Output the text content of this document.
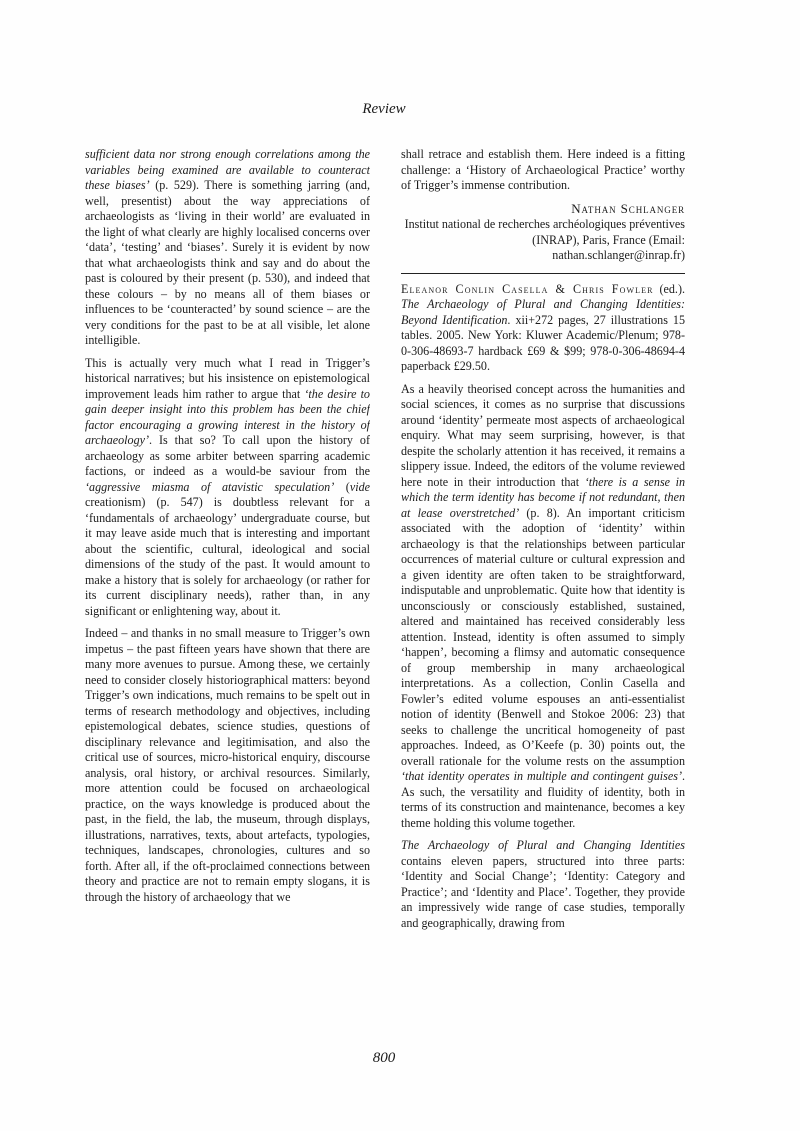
Review

sufficient data nor strong enough correlations among the variables being examined are available to counteract these biases’ (p. 529). There is something jarring (and, well, presentist) about the way appreciations of archaeologists as ‘living in their world’ are evaluated in the light of what clearly are highly localised concerns over ‘data’, ‘testing’ and ‘biases’. Surely it is evident by now that what archaeologists think and say and do about the past is coloured by their present (p. 530), and indeed that these colours – by no means all of them biases or influences to be ‘counteracted’ by sound science – are the very conditions for the past to be at all visible, let alone intelligible.

This is actually very much what I read in Trigger’s historical narratives; but his insistence on epistemological improvement leads him rather to argue that ‘the desire to gain deeper insight into this problem has been the chief factor encouraging a growing interest in the history of archaeology’. Is that so? To call upon the history of archaeology as some arbiter between sparring academic factions, or indeed as a would-be saviour from the ‘aggressive miasma of atavistic speculation’ (vide creationism) (p. 547) is doubtless relevant for a ‘fundamentals of archaeology’ undergraduate course, but it may leave aside much that is interesting and important about the scientific, cultural, ideological and social dimensions of the study of the past. It would amount to make a history that is solely for archaeology (or rather for its current disciplinary needs), rather than, in any significant or enlightening way, about it.

Indeed – and thanks in no small measure to Trigger’s own impetus – the past fifteen years have shown that there are many more avenues to pursue. Among these, we certainly need to consider closely historiographical matters: beyond Trigger’s own indications, much remains to be spelt out in terms of research methodology and objectives, including epistemological debates, science studies, questions of disciplinary relevance and legitimisation, and also the critical use of sources, micro-historical enquiry, discourse analysis, oral history, or archival resources. Similarly, more attention could be focused on archaeological practice, on the ways knowledge is produced about the past, in the field, the lab, the museum, through displays, illustrations, narratives, texts, about artefacts, typologies, techniques, landscapes, chronologies, cultures and so forth. After all, if the oft-proclaimed connections between theory and practice are not to remain empty slogans, it is through the history of archaeology that we

shall retrace and establish them. Here indeed is a fitting challenge: a ‘History of Archaeological Practice’ worthy of Trigger’s immense contribution.

Nathan Schlanger
Institut national de recherches archéologiques préventives (INRAP), Paris, France (Email: nathan.schlanger@inrap.fr)

Eleanor Conlin Casella & Chris Fowler (ed.). The Archaeology of Plural and Changing Identities: Beyond Identification. xii+272 pages, 27 illustrations 15 tables. 2005. New York: Kluwer Academic/Plenum; 978-0-306-48693-7 hardback £69 & $99; 978-0-306-48694-4 paperback £29.50.

As a heavily theorised concept across the humanities and social sciences, it comes as no surprise that discussions around ‘identity’ permeate most aspects of archaeological enquiry. What may seem surprising, however, is that despite the scholarly attention it has received, it remains a slippery issue. Indeed, the editors of the volume reviewed here note in their introduction that ‘there is a sense in which the term identity has become if not redundant, then at lease overstretched’ (p. 8). An important criticism associated with the adoption of ‘identity’ within archaeology is that the relationships between particular occurrences of material culture or cultural expression and a given identity are often taken to be straightforward, indisputable and unproblematic. Quite how that identity is unconsciously or consciously established, sustained, altered and maintained has received considerably less attention. Instead, identity is often assumed to simply ‘happen’, becoming a flimsy and automatic consequence of group membership in many archaeological interpretations. As a collection, Conlin Casella and Fowler’s edited volume espouses an anti-essentialist notion of identity (Benwell and Stokoe 2006: 23) that seeks to challenge the uncritical homogeneity of past approaches. Indeed, as O’Keefe (p. 30) points out, the overall rationale for the volume rests on the assumption ‘that identity operates in multiple and contingent guises’. As such, the versatility and fluidity of identity, both in terms of its construction and maintenance, becomes a key theme holding this volume together.

The Archaeology of Plural and Changing Identities contains eleven papers, structured into three parts: ‘Identity and Social Change’; ‘Identity: Category and Practice’; and ‘Identity and Place’. Together, they provide an impressively wide range of case studies, temporally and geographically, drawing from

800
